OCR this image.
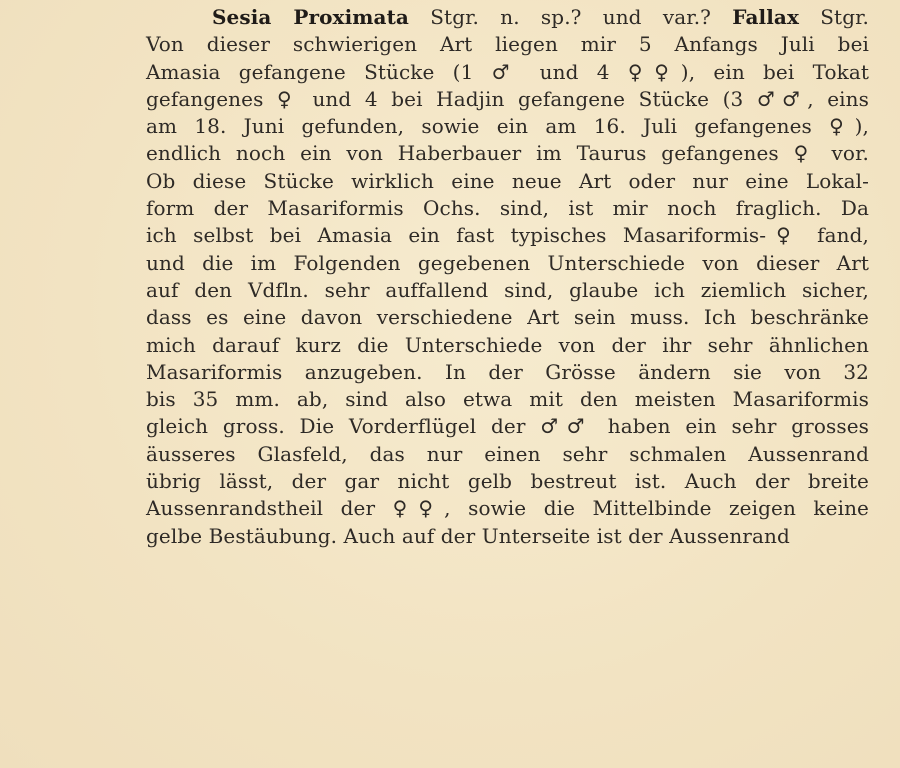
Sesia Proximata Stgr. n. sp.? und var.? Fallax Stgr.
Von dieser schwierigen Art liegen mir 5 Anfangs Juli bei
Amasia gefangene Stücke (1 ♂ und 4 ♀♀), ein bei Tokat
gefangenes ♀ und 4 bei Hadjin gefangene Stücke (3 ♂♂, eins
am 18. Juni gefunden, sowie ein am 16. Juli gefangenes ♀),
endlich noch ein von Haberbauer im Taurus gefangenes ♀ vor.
Ob diese Stücke wirklich eine neue Art oder nur eine Lokal-
form der Masariformis Ochs. sind, ist mir noch fraglich. Da
ich selbst bei Amasia ein fast typisches Masariformis-♀ fand,
und die im Folgenden gegebenen Unterschiede von dieser Art
auf den Vdfln. sehr auffallend sind, glaube ich ziemlich sicher,
dass es eine davon verschiedene Art sein muss. Ich beschränke
mich darauf kurz die Unterschiede von der ihr sehr ähnlichen
Masariformis anzugeben. In der Grösse ändern sie von 32
bis 35 mm. ab, sind also etwa mit den meisten Masariformis
gleich gross. Die Vorderflügel der ♂♂ haben ein sehr grosses
äusseres Glasfeld, das nur einen sehr schmalen Aussenrand
übrig lässt, der gar nicht gelb bestreut ist. Auch der breite
Aussenrandstheil der ♀♀, sowie die Mittelbinde zeigen keine
gelbe Bestäubung. Auch auf der Unterseite ist der Aussenrand
